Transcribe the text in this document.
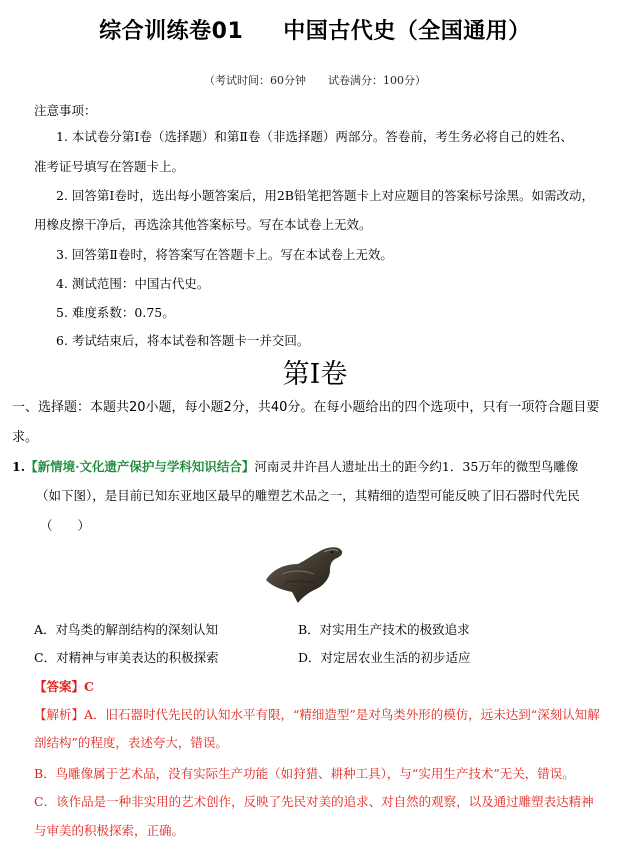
综合训练卷01 中国古代史（全国通用）
（考试时间：60分钟 试卷满分：100分）
注意事项：
1. 本试卷分第Ⅰ卷（选择题）和第Ⅱ卷（非选择题）两部分。答卷前，考生务必将自己的姓名、
准考证号填写在答题卡上。
2. 回答第Ⅰ卷时，选出每小题答案后，用2B铅笔把答题卡上对应题目的答案标号涂黑。如需改动，
用橡皮擦干净后，再选涂其他答案标号。写在本试卷上无效。
3. 回答第Ⅱ卷时，将答案写在答题卡上。写在本试卷上无效。
4. 测试范围：中国古代史。
5. 难度系数：0.75。
6. 考试结束后，将本试卷和答题卡一并交回。
第Ⅰ卷
一、选择题：本题共20小题，每小题2分，共40分。在每小题给出的四个选项中，只有一项符合题目要
求。
1.【新情境·文化遗产保护与学科知识结合】河南灵井许昌人遗址出土的距今约1．35万年的微型鸟雕像
（如下图），是目前已知东亚地区最早的雕塑艺术品之一，其精细的造型可能反映了旧石器时代先民
（　　）
A．对鸟类的解剖结构的深刻认知	B．对实用生产技术的极致追求
C．对精神与审美表达的积极探索	D．对定居农业生活的初步适应
【答案】C
【解析】A．旧石器时代先民的认知水平有限，“精细造型”是对鸟类外形的模仿，远未达到“深刻认知解
剖结构”的程度，表述夸大，错误。
B．鸟雕像属于艺术品，没有实际生产功能（如狩猎、耕种工具），与“实用生产技术”无关，错误。
C．该作品是一种非实用的艺术创作，反映了先民对美的追求、对自然的观察，以及通过雕塑表达精神
与审美的积极探索，正确。
